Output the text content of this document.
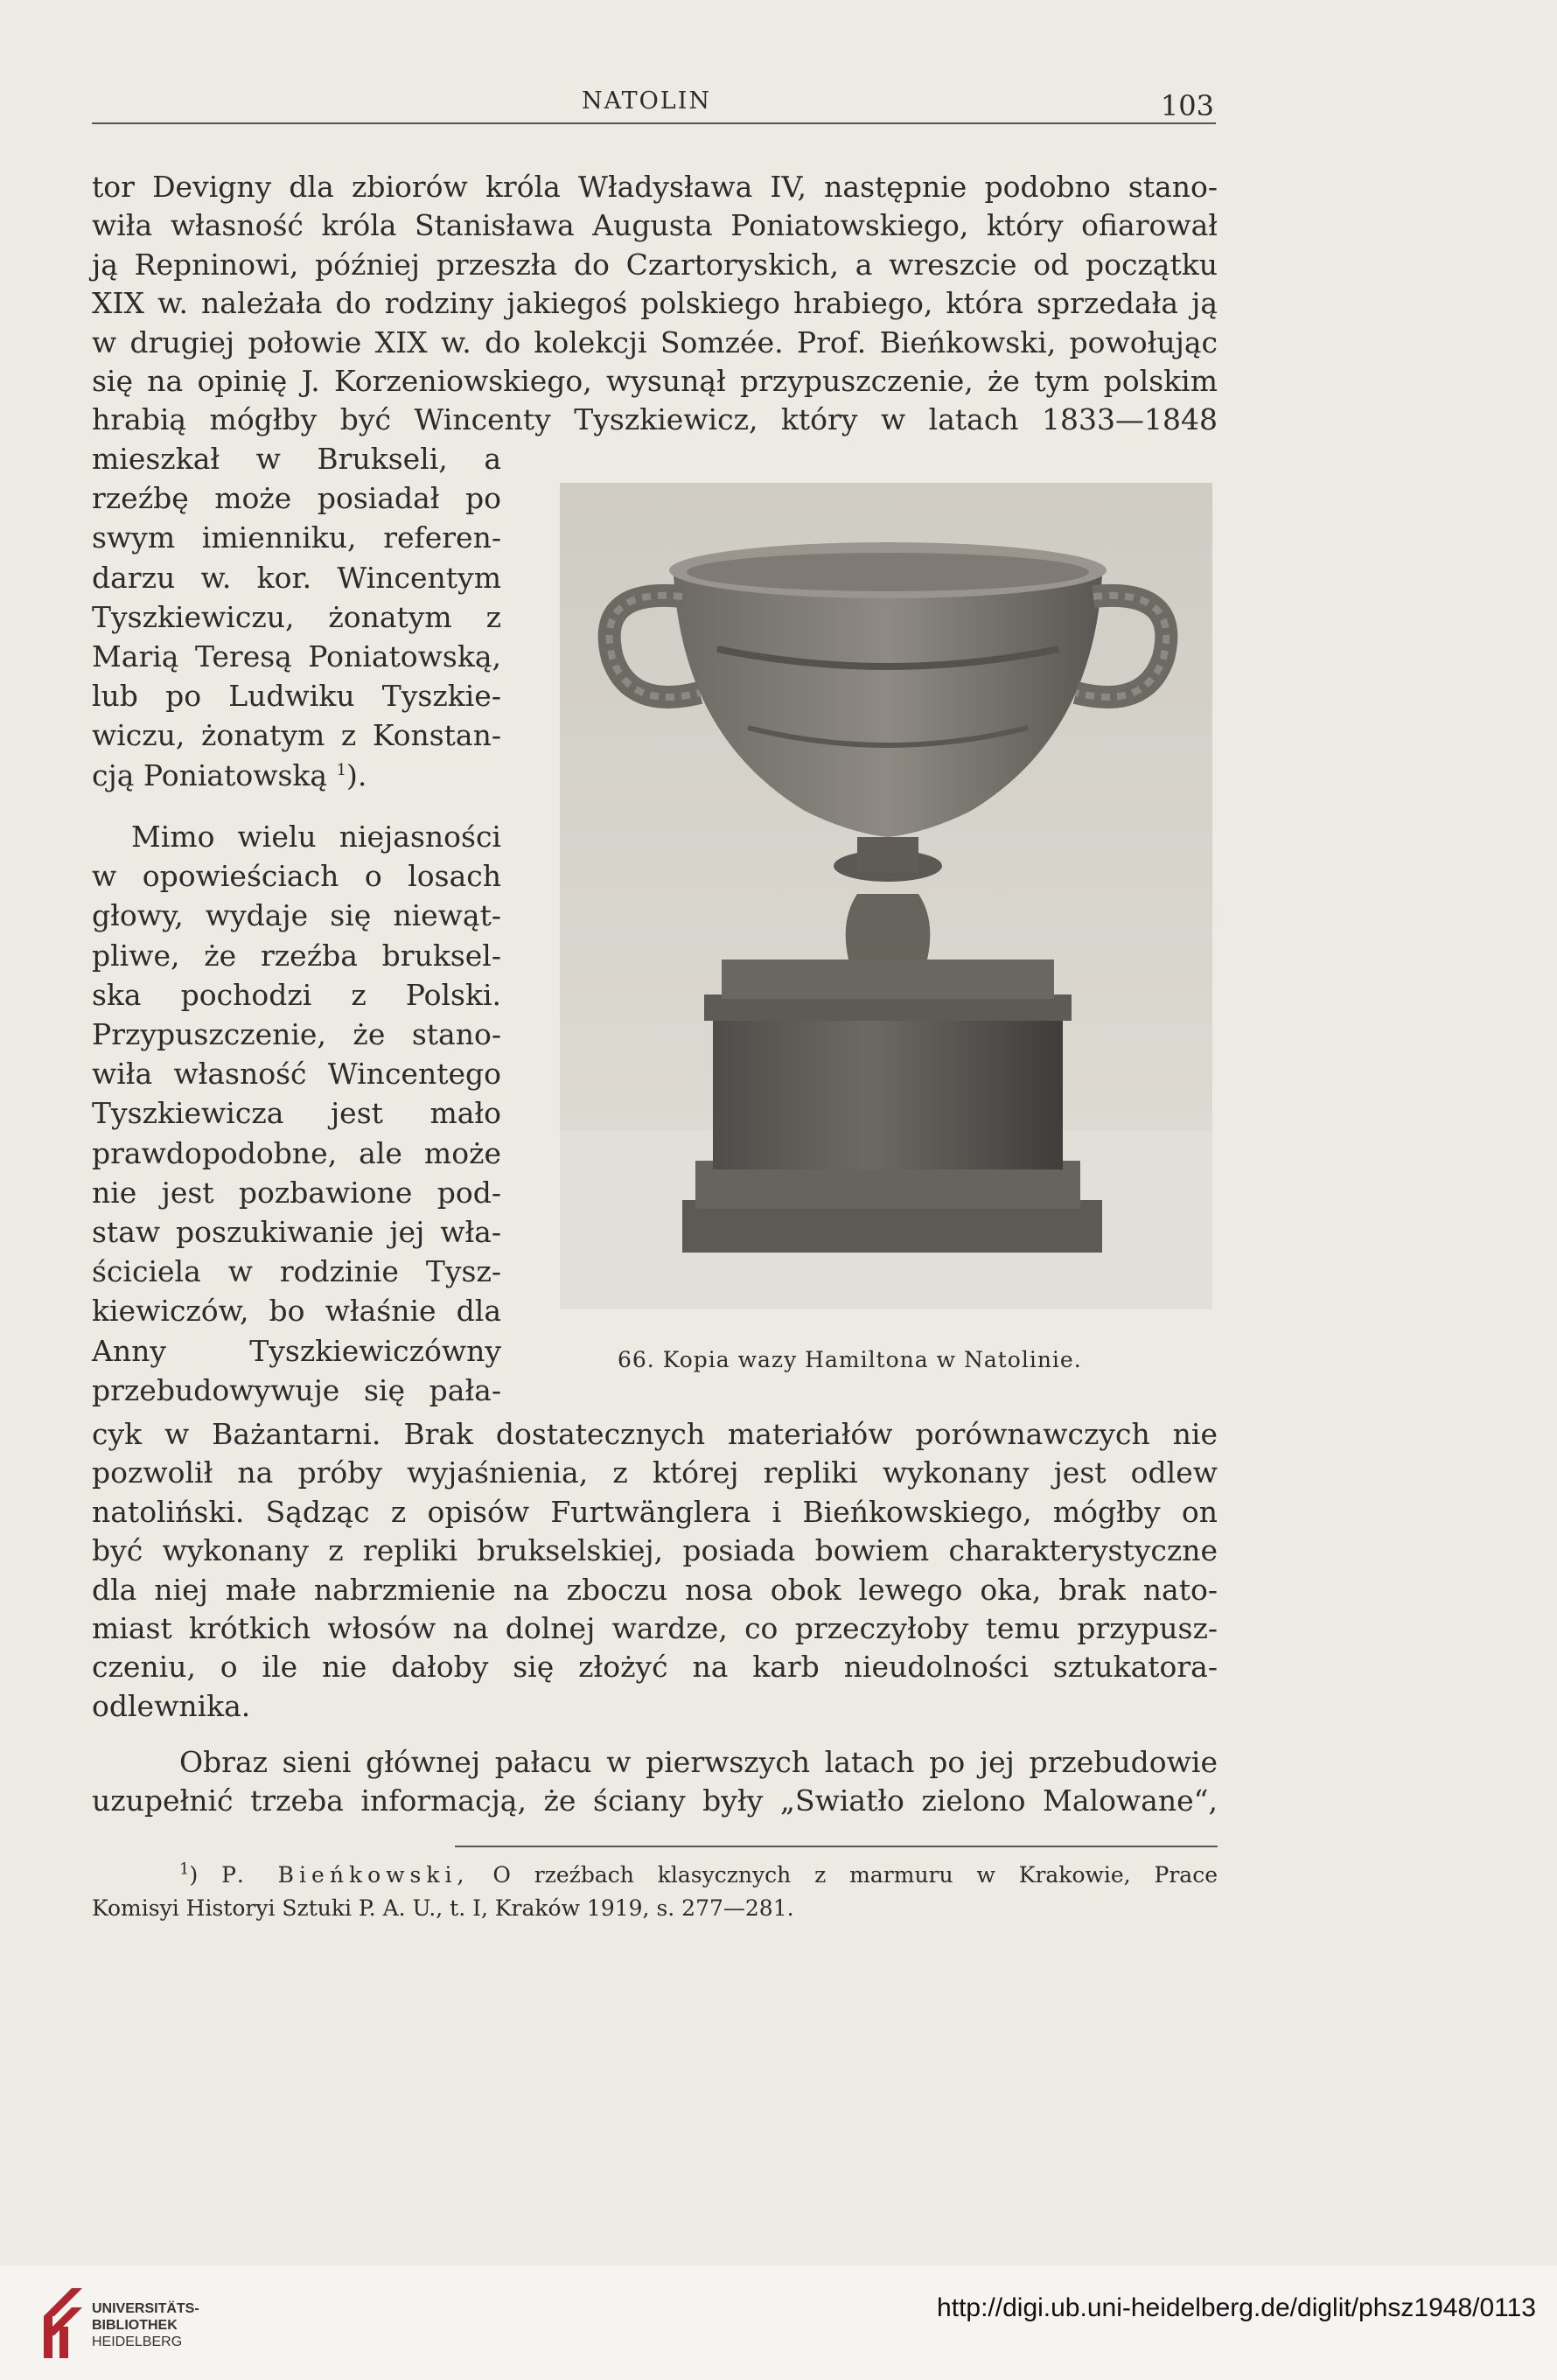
NATOLIN	103

tor Devigny dla zbiorów króla Władysława IV, następnie podobno stano-

wiła własność króla Stanisława Augusta Poniatowskiego, który ofiarował

ją Repninowi, później przeszła do Czartoryskich, a wreszcie od początku

XIX w. należała do rodziny jakiegoś polskiego hrabiego, która sprzedała ją

w drugiej połowie XIX w. do kolekcji Somzée. Prof. Bieńkowski, powołując

się na opinię J. Korzeniowskiego, wysunął przypuszczenie, że tym polskim

hrabią mógłby być Wincenty Tyszkiewicz, który w latach 1833—1848

mieszkał w Brukseli, a
rzeźbę może posiadał po
swym imienniku, referen-
darzu w. kor. Wincentym
Tyszkiewiczu, żonatym z
Marią Teresą Poniatowską,
lub po Ludwiku Tyszkie-
wiczu, żonatym z Konstan-
cją Poniatowską $^1$).
Mimo wielu niejasności
w opowieściach o losach
głowy, wydaje się niewąt-
pliwe, że rzeźba bruksel-
ska pochodzi z Polski.
Przypuszczenie, że stano-
wiła własność Wincentego
Tyszkiewicza jest mało
prawdopodobne, ale może
nie jest pozbawione pod-
staw poszukiwanie jej wła-
ściciela w rodzinie Tysz-
kiewiczów, bo właśnie dla
Anny Tyszkiewiczówny
przebudowywuje się pała-
66. Kopia wazy Hamiltona w Natolinie.

cyk w Bażantarni. Brak dostatecznych materiałów porównawczych nie

pozwolił na próby wyjaśnienia, z której repliki wykonany jest odlew

natoliński. Sądząc z opisów Furtwänglera i Bieńkowskiego, mógłby on

być wykonany z repliki brukselskiej, posiada bowiem charakterystyczne

dla niej małe nabrzmienie na zboczu nosa obok lewego oka, brak nato-

miast krótkich włosów na dolnej wardze, co przeczyłoby temu przypusz-

czeniu, o ile nie dałoby się złożyć na karb nieudolności sztukatora-

odlewnika.

Obraz sieni głównej pałacu w pierwszych latach po jej przebudowie

uzupełnić trzeba informacją, że ściany były „Swiatło zielono Malowane“,

$^1$) P. Bieńkowski, O rzeźbach klasycznych z marmuru w Krakowie, Prace

Komisyi Historyi Sztuki P. A. U., t. I, Kraków 1919, s. 277—281.

UNIVERSITÄTS-
BIBLIOTHEK
HEIDELBERG
http://digi.ub.uni-heidelberg.de/diglit/phsz1948/0113
